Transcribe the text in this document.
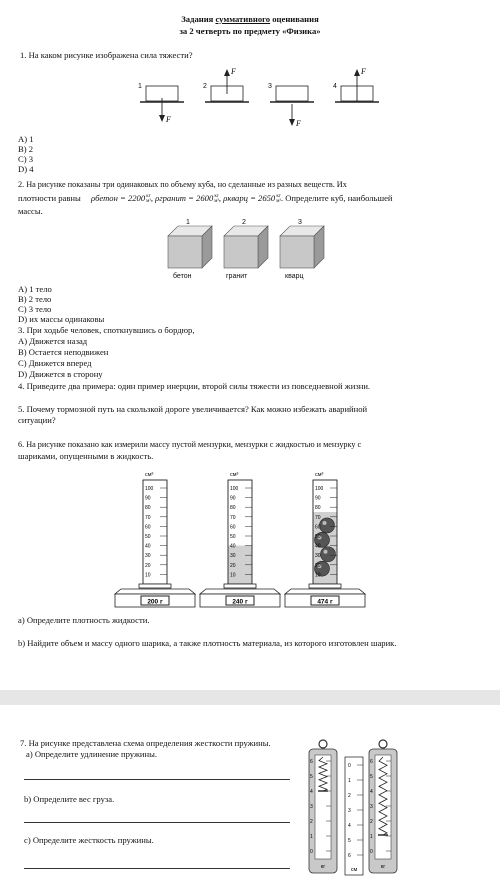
Задания суммативного оценивания
за 2 четверть по предмету «Физика»
1. На каком рисунке изображена сила тяжести?
1	2	3	4
F
F
F
F
A) 1
B) 2
C) 3
D) 4
2. На рисунке показаны три одинаковых по объему куба, но сделанные из разных веществ. Их
плотности равны ρбетон = 2200кг
м³, ρгранит = 2600кг
м³, ρкварц = 2650кг
м³. Определите куб, наибольшей
массы.
1	2	3
бетон	гранит	кварц
A) 1 тело
B) 2 тело
C) 3 тело
D) их массы одинаковы
3. При ходьбе человек, споткнувшись о бордюр,
A) Движется назад
B) Остается неподвижен
C) Движется вперед
D) Движется в сторону
4. Приведите два примера: один пример инерции, второй силы тяжести из повседневной жизни.
5. Почему тормозной путь на скользкой дороге увеличивается? Как можно избежать аварийной
ситуации?
6. На рисунке показано как измерили массу пустой мензурки, мензурки с жидкостью и мензурку с
шариками, опущенными в жидкость.
см³
100
90
80
70
60
50
40
30
20
10
200 г
см³
100
90
80
70
60
50
40
30
20
10
240 г
см³
100
90
80
70
60
50
40
30
20
10
474 г
а) Определите плотность жидкости.
b) Найдите объем и массу одного шарика, а также плотность материала, из которого изготовлен шарик.
7. На рисунке представлена схема определения жесткости пружины.
а) Определите удлинение пружины.
b) Определите вес груза.
c) Определите жесткость пружины.
6
5
4
3
2
1
0
кг
6
5
4
3
2
1
0
кг
0
1
2
3
4
5
6
см
